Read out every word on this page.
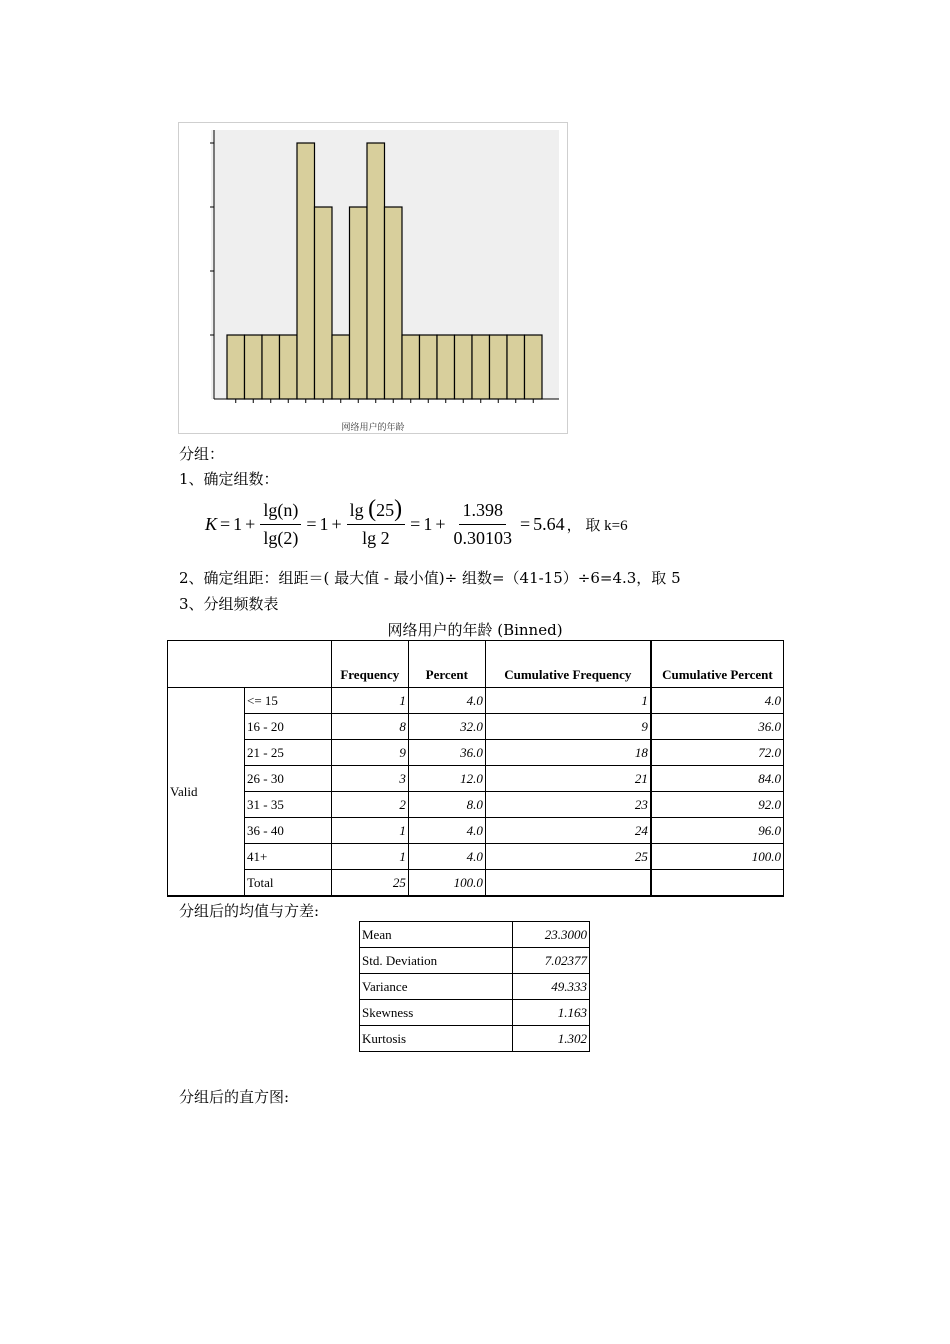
网络用户的年龄
分组：
1、确定组数：
$K = 1 + \frac{\lg(n)}{\lg(2)} = 1 + \frac{\lg (25)}{\lg 2} = 1 + \frac{1.398}{0.30103} = 5.64$ ， 取 k=6
2、确定组距：组距＝( 最大值 - 最小值)÷ 组数=（41-15）÷6=4.3，取 5
3、分组频数表
网络用户的年龄 (Binned)
		Frequency	Percent	Cumulative Frequency	Cumulative Percent
Valid	<= 15	1	4.0	1	4.0
	16 - 20	8	32.0	9	36.0
	21 - 25	9	36.0	18	72.0
	26 - 30	3	12.0	21	84.0
	31 - 35	2	8.0	23	92.0
	36 - 40	1	4.0	24	96.0
	41+	1	4.0	25	100.0
	Total	25	100.0		
分组后的均值与方差:
Mean	23.3000
Std. Deviation	7.02377
Variance	49.333
Skewness	1.163
Kurtosis	1.302
分组后的直方图:
